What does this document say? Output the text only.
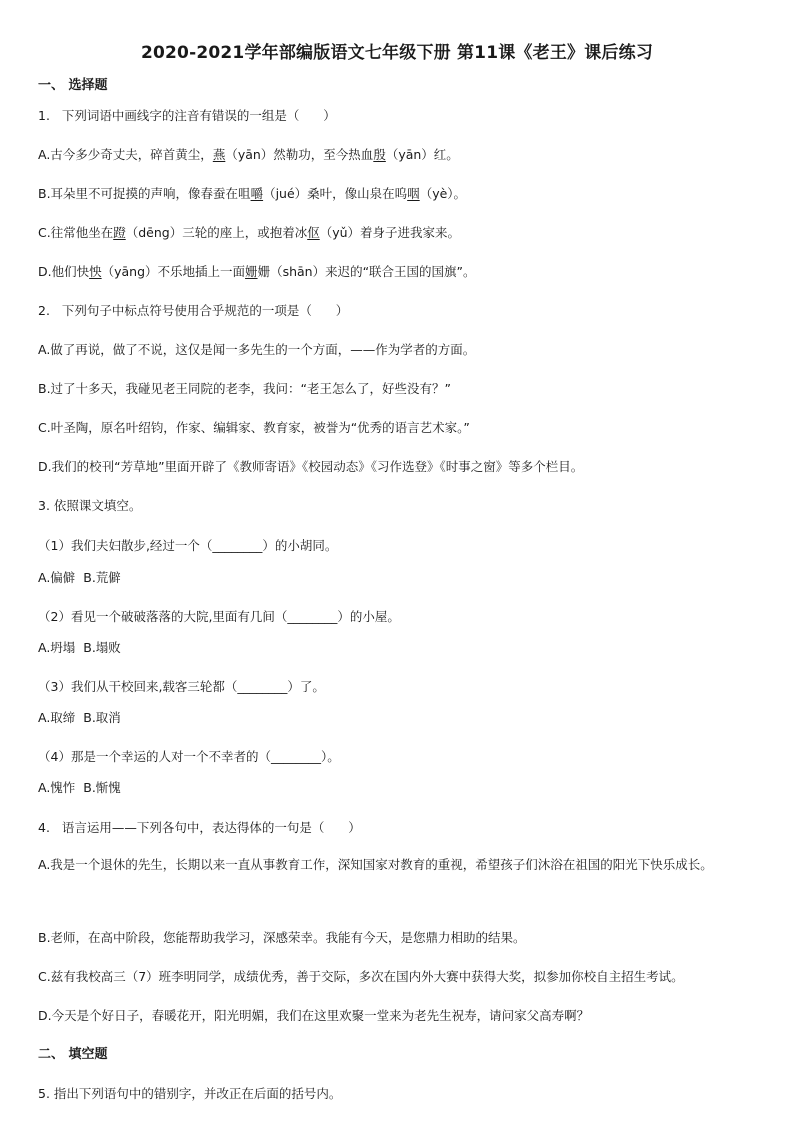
2020-2021学年部编版语文七年级下册 第11课《老王》课后练习
一、 选择题
1.   下列词语中画线字的注音有错误的一组是（      ）
A.古今多少奇丈夫，碎首黄尘，燕（yān）然勒功，至今热血殷（yān）红。
B.耳朵里不可捉摸的声响，像春蚕在咀嚼（jué）桑叶，像山泉在呜咽（yè）。
C.往常他坐在蹬（dēng）三轮的座上，或抱着冰伛（yǔ）着身子进我家来。
D.他们快怏（yāng）不乐地插上一面姗姗（shān）来迟的“联合王国的国旗”。
2.   下列句子中标点符号使用合乎规范的一项是（      ）
A.做了再说，做了不说，这仅是闻一多先生的一个方面，——作为学者的方面。
B.过了十多天，我碰见老王同院的老李，我问：“老王怎么了，好些没有？”
C.叶圣陶，原名叶绍钧，作家、编辑家、教育家，被誉为“优秀的语言艺术家。”
D.我们的校刊“芳草地”里面开辟了《教师寄语》《校园动态》《习作选登》《时事之窗》等多个栏目。
3. 依照课文填空。
（1）我们夫妇散步,经过一个（________）的小胡同。
A.偏僻  B.荒僻
（2）看见一个破破落落的大院,里面有几间（________）的小屋。
A.坍塌  B.塌败
（3）我们从干校回来,载客三轮都（________）了。
A.取缔  B.取消
（4）那是一个幸运的人对一个不幸者的（________）。
A.愧怍  B.惭愧
4.   语言运用——下列各句中，表达得体的一句是（      ）
A.我是一个退休的先生，长期以来一直从事教育工作，深知国家对教育的重视，希望孩子们沐浴在祖国的阳光下快乐成长。
B.老师，在高中阶段，您能帮助我学习，深感荣幸。我能有今天，是您鼎力相助的结果。
C.兹有我校高三（7）班李明同学，成绩优秀，善于交际，多次在国内外大赛中获得大奖，拟参加你校自主招生考试。
D.今天是个好日子，春暖花开，阳光明媚，我们在这里欢聚一堂来为老先生祝寿，请问家父高寿啊？
二、 填空题
5. 指出下列语句中的错别字，并改正在后面的括号内。
